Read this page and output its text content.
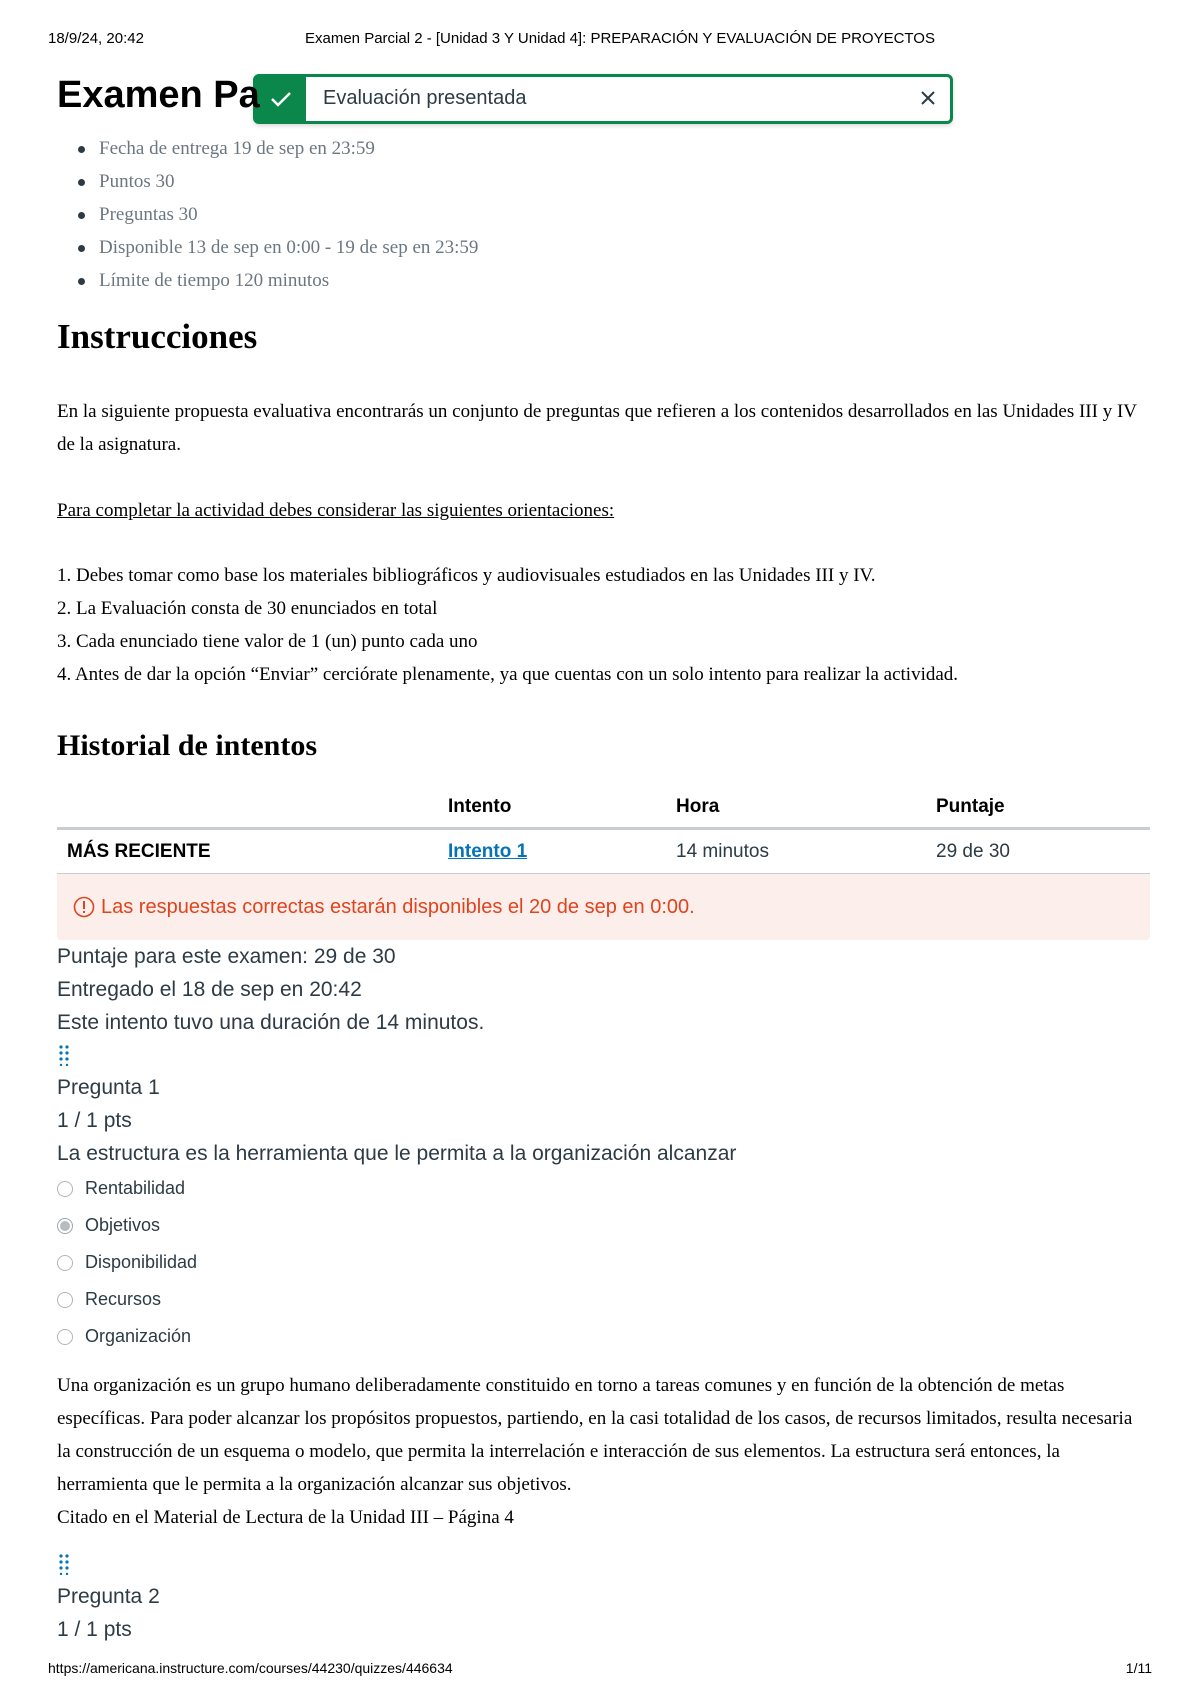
18/9/24, 20:42	Examen Parcial 2 - [Unidad 3 Y Unidad 4]: PREPARACIÓN Y EVALUACIÓN DE PROYECTOS
Evaluación presentada
Examen Pa
Fecha de entrega 19 de sep en 23:59
Puntos 30
Preguntas 30
Disponible 13 de sep en 0:00 - 19 de sep en 23:59
Límite de tiempo 120 minutos
Instrucciones

En la siguiente propuesta evaluativa encontrarás un conjunto de preguntas que refieren a los contenidos desarrollados en las Unidades III y IV de la asignatura.

Para completar la actividad debes considerar las siguientes orientaciones:

1. Debes tomar como base los materiales bibliográficos y audiovisuales estudiados en las Unidades III y IV.

2. La Evaluación consta de 30 enunciados en total

3. Cada enunciado tiene valor de 1 (un) punto cada uno

4. Antes de dar la opción “Enviar” cerciórate plenamente, ya que cuentas con un solo intento para realizar la actividad.

Historial de intentos
	Intento	Hora	Puntaje
MÁS RECIENTE	Intento 1	14 minutos	29 de 30
Las respuestas correctas estarán disponibles el 20 de sep en 0:00.
Puntaje para este examen: 29 de 30
Entregado el 18 de sep en 20:42
Este intento tuvo una duración de 14 minutos.
Pregunta 1
1 / 1 pts
La estructura es la herramienta que le permita a la organización alcanzar
Rentabilidad
Objetivos
Disponibilidad
Recursos
Organización

Una organización es un grupo humano deliberadamente constituido en torno a tareas comunes y en función de la obtención de metas específicas. Para poder alcanzar los propósitos propuestos, partiendo, en la casi totalidad de los casos, de recursos limitados, resulta necesaria la construcción de un esquema o modelo, que permita la interrelación e interacción de sus elementos. La estructura será entonces, la herramienta que le permita a la organización alcanzar sus objetivos.

Citado en el Material de Lectura de la Unidad III – Página 4

Pregunta 2
1 / 1 pts
https://americana.instructure.com/courses/44230/quizzes/446634	1/11
